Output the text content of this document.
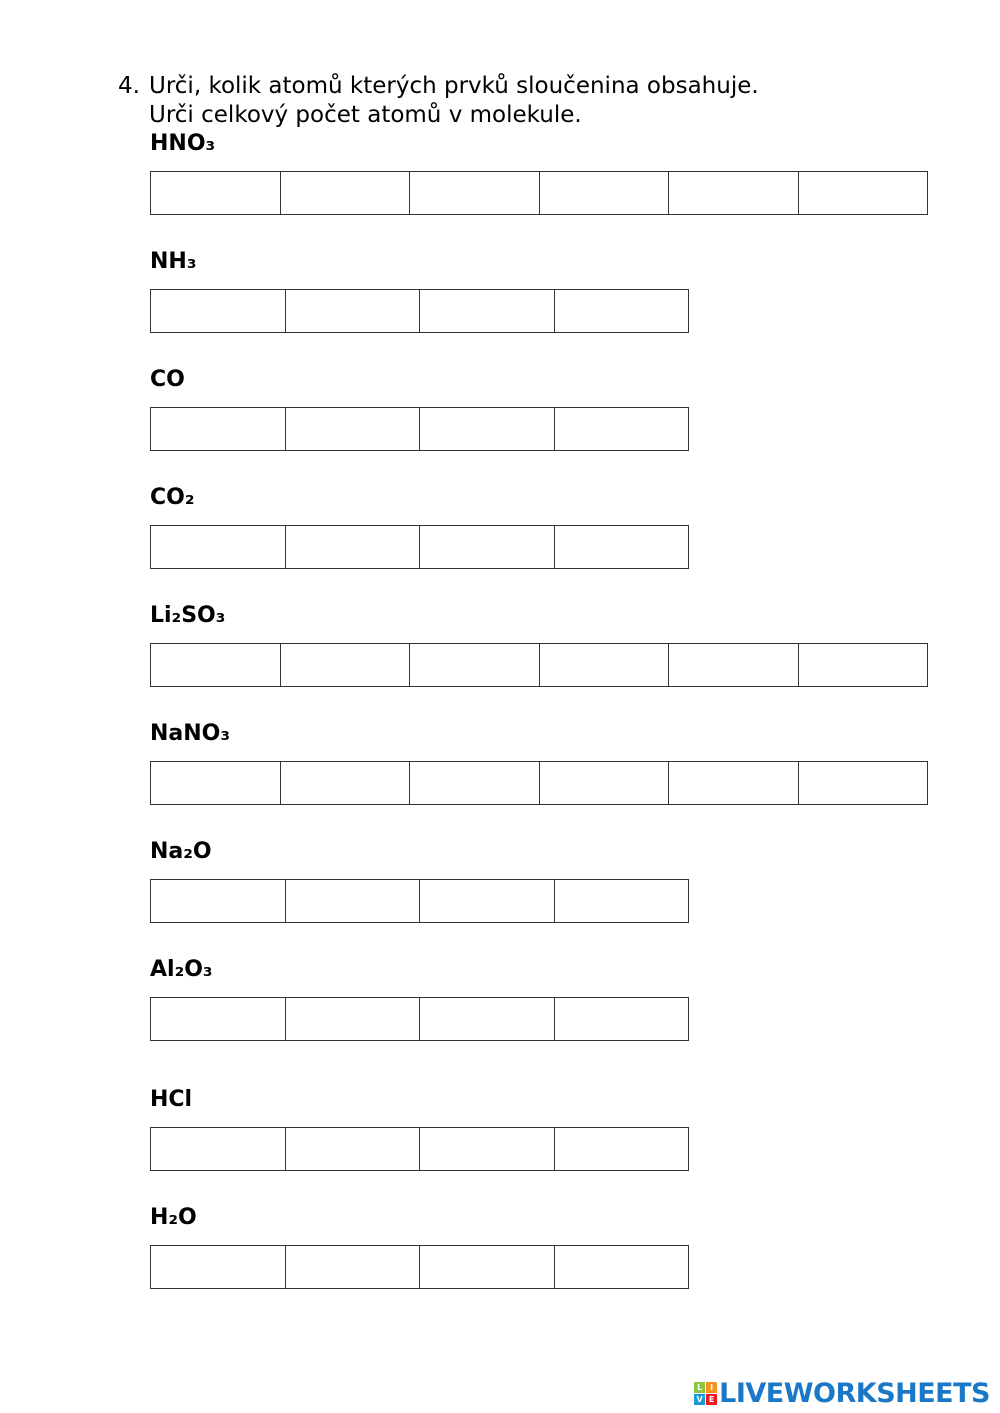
4. Urči, kolik atomů kterých prvků sloučenina obsahuje.
Urči celkový počet atomů v molekule.
HNO₃
NH₃
CO
CO₂
Li₂SO₃
NaNO₃
Na₂O
Al₂O₃
HCl
H₂O
L I
V E LIVEWORKSHEETS
